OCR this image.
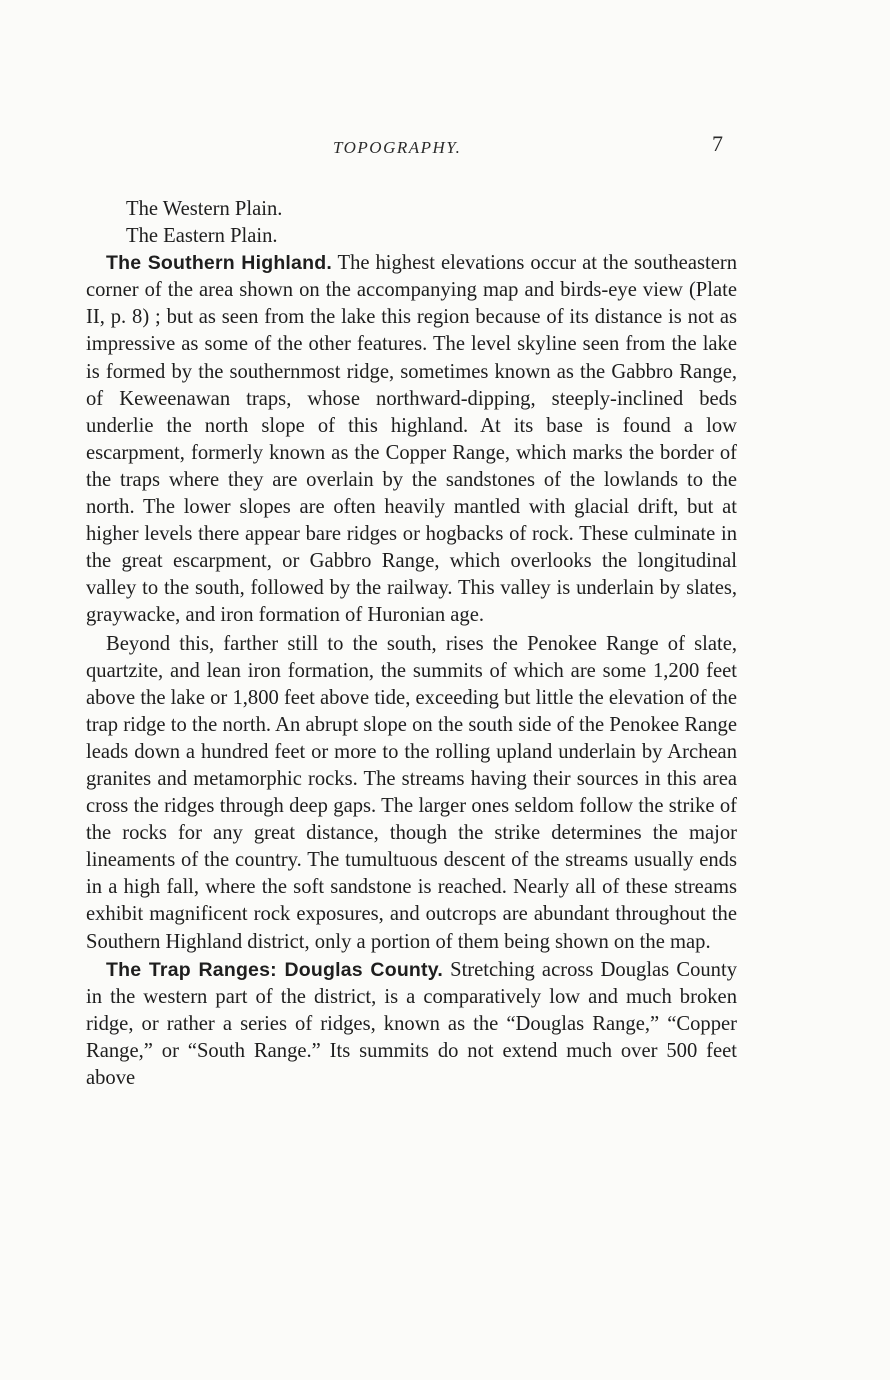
TOPOGRAPHY.	7

The Western Plain.

The Eastern Plain.

The Southern Highland. The highest elevations occur at the southeastern corner of the area shown on the accompanying map and birds-eye view (Plate II, p. 8) ; but as seen from the lake this region because of its distance is not as impressive as some of the other features. The level skyline seen from the lake is formed by the southernmost ridge, sometimes known as the Gabbro Range, of Keweenawan traps, whose northward-dipping, steeply-inclined beds underlie the north slope of this highland. At its base is found a low escarpment, formerly known as the Copper Range, which marks the border of the traps where they are overlain by the sandstones of the lowlands to the north. The lower slopes are often heavily mantled with glacial drift, but at higher levels there appear bare ridges or hogbacks of rock. These culminate in the great escarpment, or Gabbro Range, which overlooks the longitudinal valley to the south, followed by the railway. This valley is underlain by slates, graywacke, and iron formation of Huronian age.

Beyond this, farther still to the south, rises the Penokee Range of slate, quartzite, and lean iron formation, the summits of which are some 1,200 feet above the lake or 1,800 feet above tide, exceeding but little the elevation of the trap ridge to the north. An abrupt slope on the south side of the Penokee Range leads down a hundred feet or more to the rolling upland underlain by Archean granites and metamorphic rocks. The streams having their sources in this area cross the ridges through deep gaps. The larger ones seldom follow the strike of the rocks for any great distance, though the strike determines the major lineaments of the country. The tumultuous descent of the streams usually ends in a high fall, where the soft sandstone is reached. Nearly all of these streams exhibit magnificent rock exposures, and outcrops are abundant throughout the Southern Highland district, only a portion of them being shown on the map.

The Trap Ranges: Douglas County. Stretching across Douglas County in the western part of the district, is a comparatively low and much broken ridge, or rather a series of ridges, known as the “Douglas Range,” “Copper Range,” or “South Range.” Its summits do not extend much over 500 feet above
